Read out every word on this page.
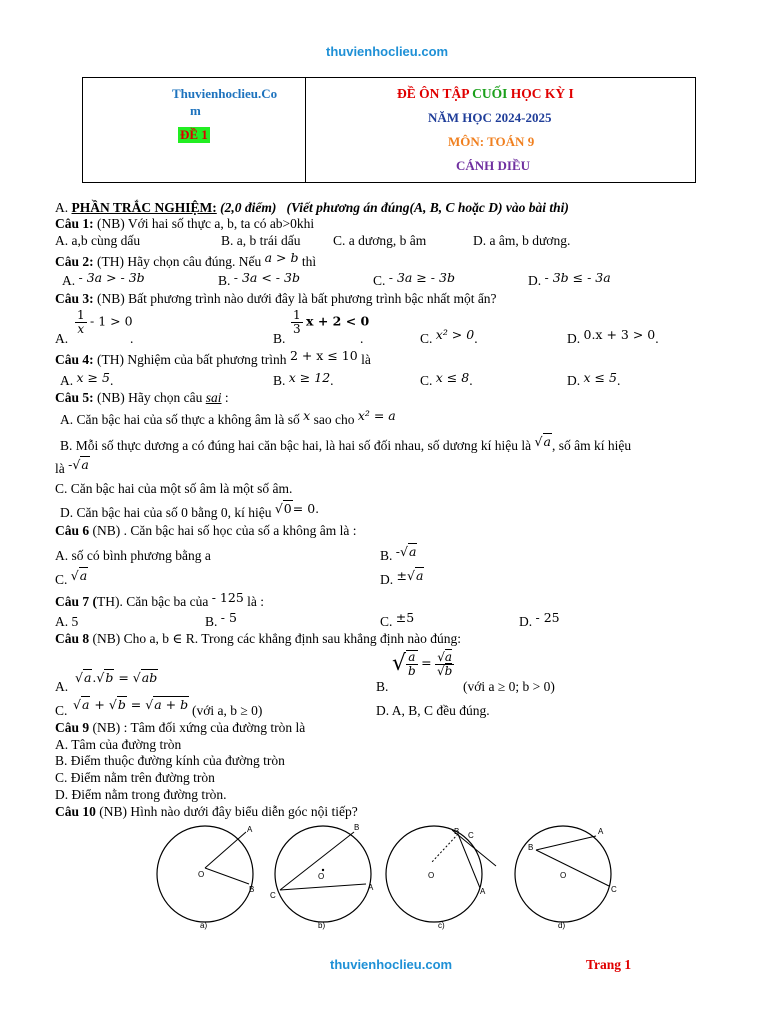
thuvienhoclieu.com
Thuvienhoclieu.Co
m
ĐỀ 1
ĐỀ ÔN TẬP CUỐI HỌC KỲ I
NĂM HỌC 2024-2025
MÔN: TOÁN 9
CÁNH DIỀU
A. PHẦN TRẮC NGHIỆM: (2,0 điểm) (Viết phương án đúng(A, B, C hoặc D) vào bài thi)
Câu 1: (NB) Với hai số thực a, b, ta có ab>0khi
A. a,b cùng dấu	B. a, b trái dấu C. a dương, b âm	D. a âm, b dương.
Câu 2: (TH) Hãy chọn câu đúng. Nếu a > b thì
A. - 3a > - 3b	B. - 3a < - 3b	C. - 3a ≥ - 3b	D. - 3b ≤ - 3a
Câu 3: (NB) Bất phương trình nào dưới đây là bất phương trình bậc nhất một ẩn?
A.
$\frac{1}{x} - 1 > 0$
.	B.
$\frac{1}{3}$ x + 2 < 0
.	C. x² > 0.	D. 0.x + 3 > 0.
Câu 4: (TH) Nghiệm của bất phương trình 2 + x ≤ 10 là
A. x ≥ 5.	B. x ≥ 12.	C. x ≤ 8.	D. x ≤ 5.
Câu 5: (NB) Hãy chọn câu sai :
A. Căn bậc hai của số thực a không âm là số x sao cho x² = a
B. Mỗi số thực dương a có đúng hai căn bậc hai, là hai số đối nhau, số dương kí hiệu là √a, số âm kí hiệu
là -√a
C. Căn bậc hai của một số âm là một số âm.
D. Căn bậc hai của số 0 bằng 0, kí hiệu √0= 0.
Câu 6 (NB) . Căn bậc hai số học của số a không âm là :
A. số có bình phương bằng a	B. -√a
C. √a	D. ±√a
Câu 7 (TH). Căn bậc ba của - 125 là :
A. 5	B. - 5	C. ±5	D. - 25
Câu 8 (NB) Cho a, b ∈ R. Trong các khẳng định sau khẳng định nào đúng:
A.
√a.√b = √ab
B.
√ $\frac{a}{b} = \frac{√a}{√b}$
(với a ≥ 0; b > 0)
C. √a + √b = √a + b (với a, b ≥ 0)	D. A, B, C đều đúng.
Câu 9 (NB) : Tâm đối xứng của đường tròn là
A. Tâm của đường tròn
B. Điểm thuộc đường kính của đường tròn
C. Điểm nằm trên đường tròn
D. Điểm nằm trong đường tròn.
Câu 10 (NB) Hình nào dưới đây biểu diễn góc nội tiếp?
O
A
B
a)
O
B
A
C
b)
O
B C
A
c)
B
O
A
C
d)
thuvienhoclieu.com	Trang 1
